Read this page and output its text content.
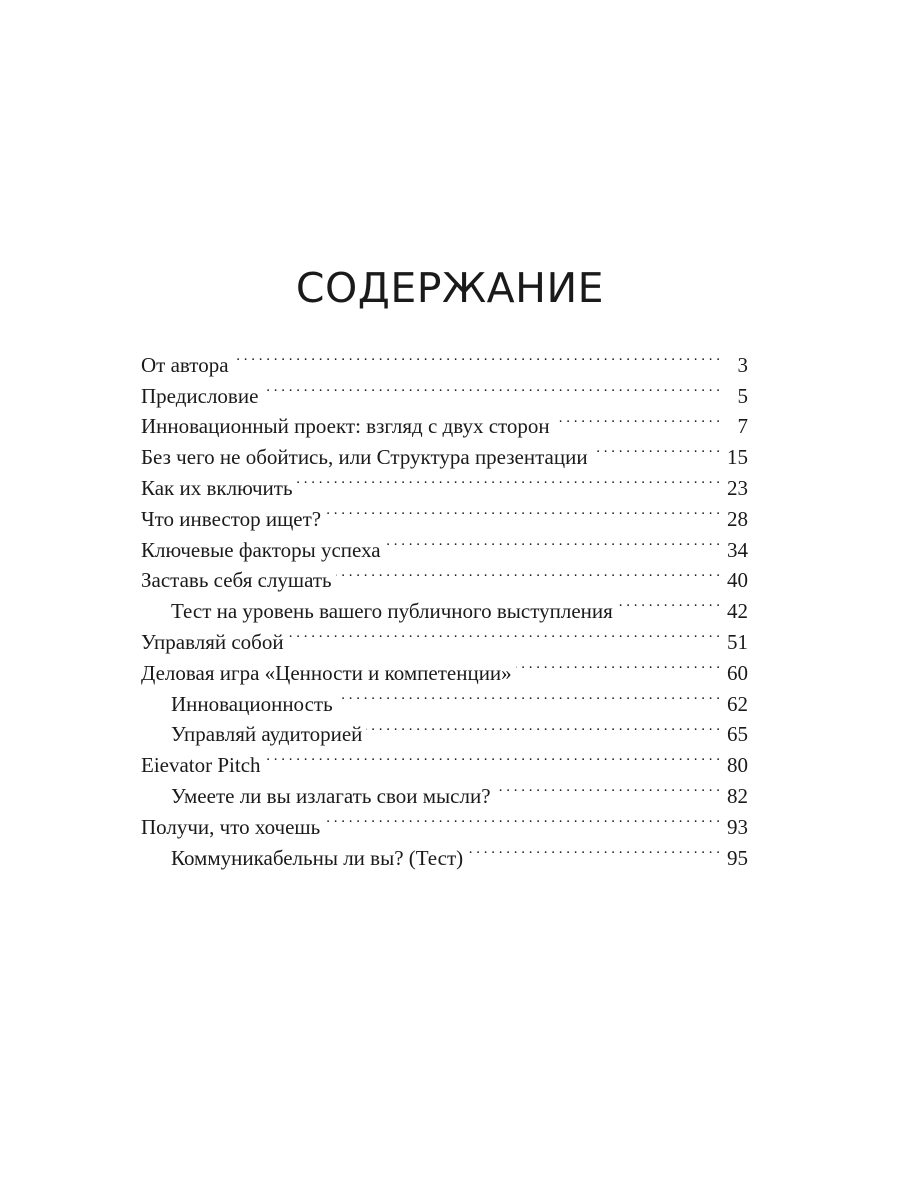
СОДЕРЖАНИЕ
От автора . . .	3
Предисловие . . .	5
Инновационный проект: взгляд с двух сторон . . .	7
Без чего не обойтись, или Структура презентации . . .	15
Как их включить . . .	23
Что инвестор ищет? . . .	28
Ключевые факторы успеха . . .	34
Заставь себя слушать . . .	40
Тест на уровень вашего публичного выступления . . .	42
Управляй собой . . .	51
Деловая игра «Ценности и компетенции» . . .	60
Инновационность . . .	62
Управляй аудиторией . . .	65
Eievator Pitch . . .	80
Умеете ли вы излагать свои мысли? . . .	82
Получи, что хочешь . . .	93
Коммуникабельны ли вы? (Тест) . . .	95
